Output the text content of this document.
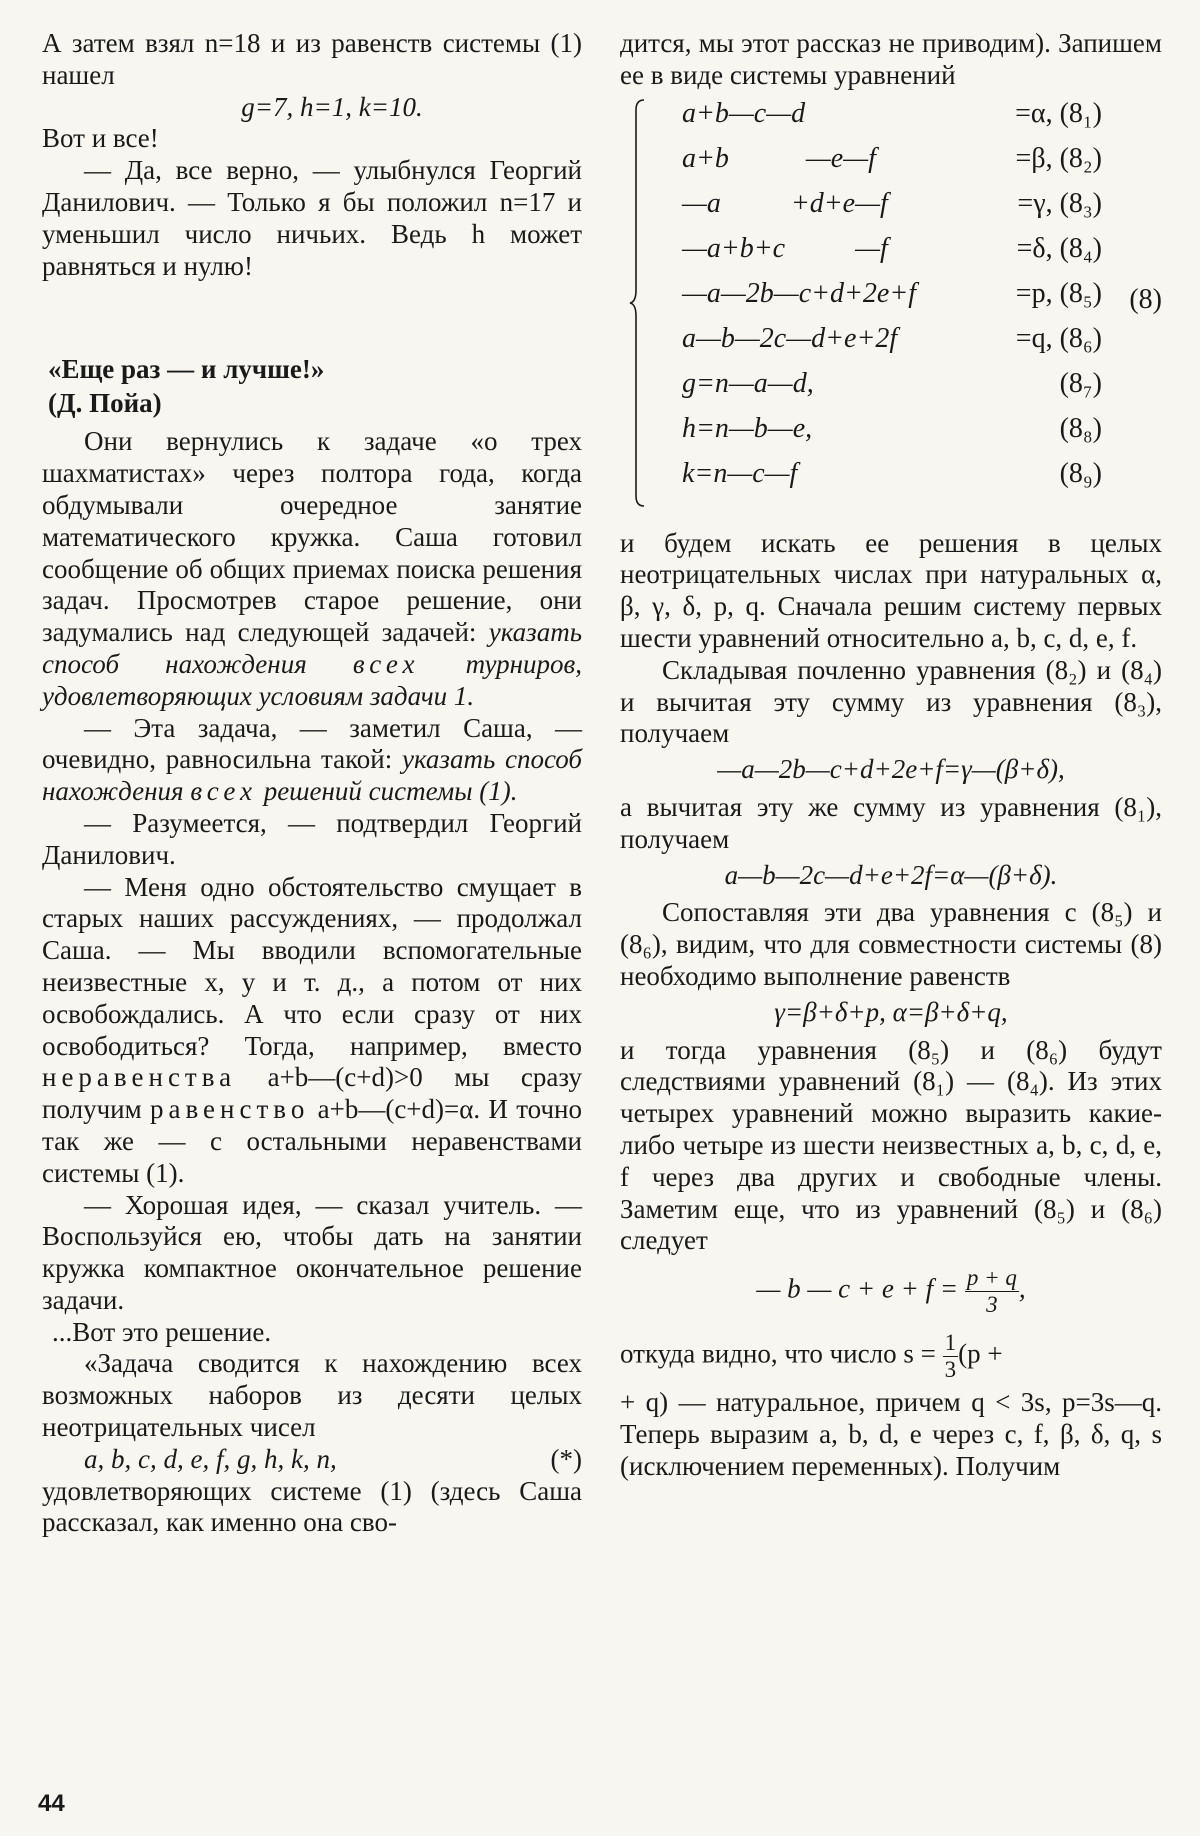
А затем взял n=18 и из равенств системы (1) нашел

g=7, h=1, k=10.

Вот и все!

— Да, все верно, — улыбнулся Георгий Данилович. — Только я бы положил n=17 и уменьшил число ничьих. Ведь h может равняться и нулю!

«Еще раз — и лучше!»
(Д. Пойа)

Они вернулись к задаче «о трех шахматистах» через полтора года, когда обдумывали очередное занятие математического кружка. Саша готовил сообщение об общих приемах поиска решения задач. Просмотрев старое решение, они задумались над следующей задачей: указать способ нахождения всех турниров, удовлетворяющих условиям задачи 1.

— Эта задача, — заметил Саша, — очевидно, равносильна такой: указать способ нахождения всех решений системы (1).

— Разумеется, — подтвердил Георгий Данилович.

— Меня одно обстоятельство смущает в старых наших рассуждениях, — продолжал Саша. — Мы вводили вспомогательные неизвестные x, y и т. д., а потом от них освобождались. А что если сразу от них освободиться? Тогда, например, вместо неравенства a+b—(c+d)>0 мы сразу получим равенство a+b—(c+d)=α. И точно так же — с остальными неравенствами системы (1).

— Хорошая идея, — сказал учитель. — Воспользуйся ею, чтобы дать на занятии кружка компактное окончательное решение задачи.

...Вот это решение.

«Задача сводится к нахождению всех возможных наборов из десяти целых неотрицательных чисел

a, b, c, d, e, f, g, h, k, n,	(*)

удовлетворяющих системе (1) (здесь Саша рассказал, как именно она сво-

дится, мы этот рассказ не приводим). Запишем ее в виде системы уравнений

a+b—c—d	=α, (8₁)
a+b           —e—f	=β, (8₂)
—a          +d+e—f	=γ, (8₃)
—a+b+c          —f	=δ, (8₄)
—a—2b—c+d+2e+f	=p, (8₅)
a—b—2c—d+e+2f	=q, (8₆)
g=n—a—d,	(8₇)
h=n—b—e,	(8₈)
k=n—c—f	(8₉)
(8)

и будем искать ее решения в целых неотрицательных числах при натуральных α, β, γ, δ, p, q. Сначала решим систему первых шести уравнений относительно a, b, c, d, e, f.

Складывая почленно уравнения (8₂) и (8₄) и вычитая эту сумму из уравнения (8₃), получаем

—a—2b—c+d+2e+f=γ—(β+δ),

а вычитая эту же сумму из уравнения (8₁), получаем

a—b—2c—d+e+2f=α—(β+δ).

Сопоставляя эти два уравнения с (8₅) и (8₆), видим, что для совместности системы (8) необходимо выполнение равенств

γ=β+δ+p, α=β+δ+q,

и тогда уравнения (8₅) и (8₆) будут следствиями уравнений (8₁) — (8₄). Из этих четырех уравнений можно выразить какие-либо четыре из шести неизвестных a, b, c, d, e, f через два других и свободные члены. Заметим еще, что из уравнений (8₅) и (8₆) следует

— b — $c + e + f = \frac{p + q}{3}$ ,

откуда видно, что число $s = \frac{1}{3} (p$ +

+ q) — натуральное, причем q < 3s, p=3s—q. Теперь выразим a, b, d, e через c, f, β, δ, q, s (исключением переменных). Получим

44
